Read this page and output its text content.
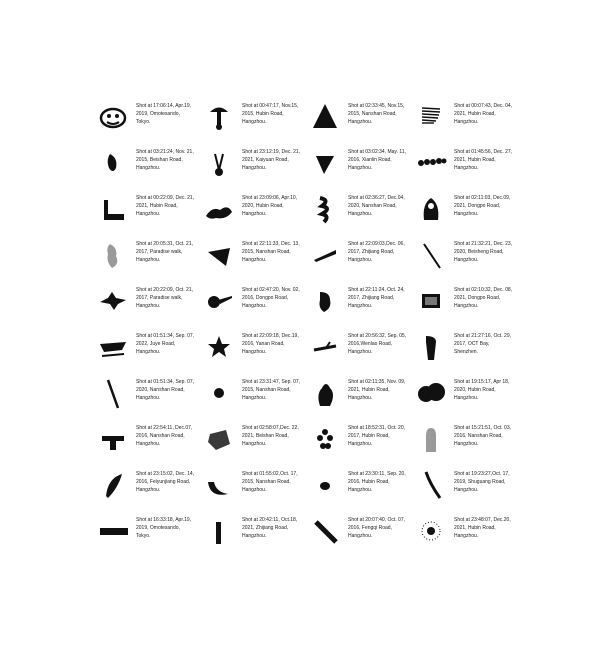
Shot at 17:06:14, Apr.19,
2019, Omotesando,
Tokyo.
Shot at 00:47:17, Nov.15,
2015, Hubin Road,
Hangzhou.
Shot at 02:33:45, Nov.15,
2015, Nanshan Road,
Hangzhou.
Shot at 00:07:43, Dec. 04,
2021, Hubin Road,
Hangzhou.
Shot at 03:21:24, Nov. 21,
2015, Beishan Road,
Hangzhou.
Shot at 23:12:19, Dec. 21,
2021, Kaiyuan Road,
Hangzhou.
Shot at 03:02:34, May. 11,
2016, Xianlin Road,
Hangzhou.
Shot at 01:45:56, Dec. 27,
2021, Hubin Road,
Hangzhou.
Shot at 00:22:09, Dec. 21,
2021, Hubin Road,
Hangzhou.
Shot at 23:09:06, Apr.10,
2020, Hubin Road,
Hangzhou.
Shot at 02:36:27, Dec.04,
2020, Nanshan Road,
Hangzhou.
Shot at 02:11:03, Dec.09,
2021, Dongpo Road,
Hangzhou.
Shot at 20:05:31, Oct. 21,
2017, Paradise walk,
Hangzhou.
Shot at 22:11:33, Dec. 13,
2015, Nanshan Road,
Hangzhou.
Shot at 22:09:03,Dec. 06,
2017, Zhijiang Road,
Hangzhou.
Shot at 21:32:21, Dec. 23,
2020, Beisheng Road,
Hangzhou.
Shot at 20:22:09, Oct. 21,
2017, Paradise walk,
Hangzhou.
Shot at 02:47:20, Nov. 02,
2016, Dongpo Road,
Hangzhou.
Shot at 22:11:24, Oct. 24,
2017, Zhijiang Road,
Hangzhou.
Shot at 02:10:32, Dec. 08,
2021, Dongpo Road,
Hangzhou.
Shot at 01:51:34, Sep. 07,
2022, Juye Road,
Hangzhou.
Shot at 22:09:18, Dec.19,
2016, Yanan Road,
Hangzhou.
Shot at 20:56:32, Sep. 05,
2016,Wenlao Road,
Hangzhou.
Shot at 21:27:16, Oct. 29,
2017, OCT Bay,
Shenzhen.
Shot at 01:51:34, Sep. 07,
2020, Nanshan Road,
Hangzhou.
Shot at 23:31:47, Sep. 07,
2015, Nanshan Road,
Hangzhou.
Shot at 02:11:35, Nov. 09,
2021, Hubin Road,
Hangzhou.
Shot at 19:15:17, Apr 18,
2020, Hubin Road,
Hangzhou.
Shot at 22:54:11, Dec.07,
2016, Nanshan Road,
Hangzhou.
Shot at 02:58:07,Dec. 22,
2021, Beishan Road,
Hangzhou.
Shot at 18:52:31, Oct. 20,
2017, Hubin Road,
Hangzhou.
Shot at 15:21:51, Oct. 03,
2016, Nanshan Road,
Hangzhou.
Shot at 23:15:02, Dec. 14,
2016, Feiyunjiang Road,
Hangzhou.
Shot at 01:55:02,Oct. 17,
2015, Nanshan Road,
Hangzhou.
Shot at 23:30:11, Sep. 20,
2016, Hubin Road,
Hangzhou.
Shot at 19:23:27,Oct. 17,
2019, Shuguang Road,
Hangzhou.
Shot at 16:33:18, Apr.19,
2019, Omotesando,
Tokyo.
Shot at 20:42:11, Oct.18,
2021, Zhijiang Road,
Hangzhou.
Shot at 20:07:40, Oct. 07,
2016, Fengqi Road,
Hangzhou.
Shot at 23:48:07, Dec.20,
2021, Hubin Road,
Hangzhou.
